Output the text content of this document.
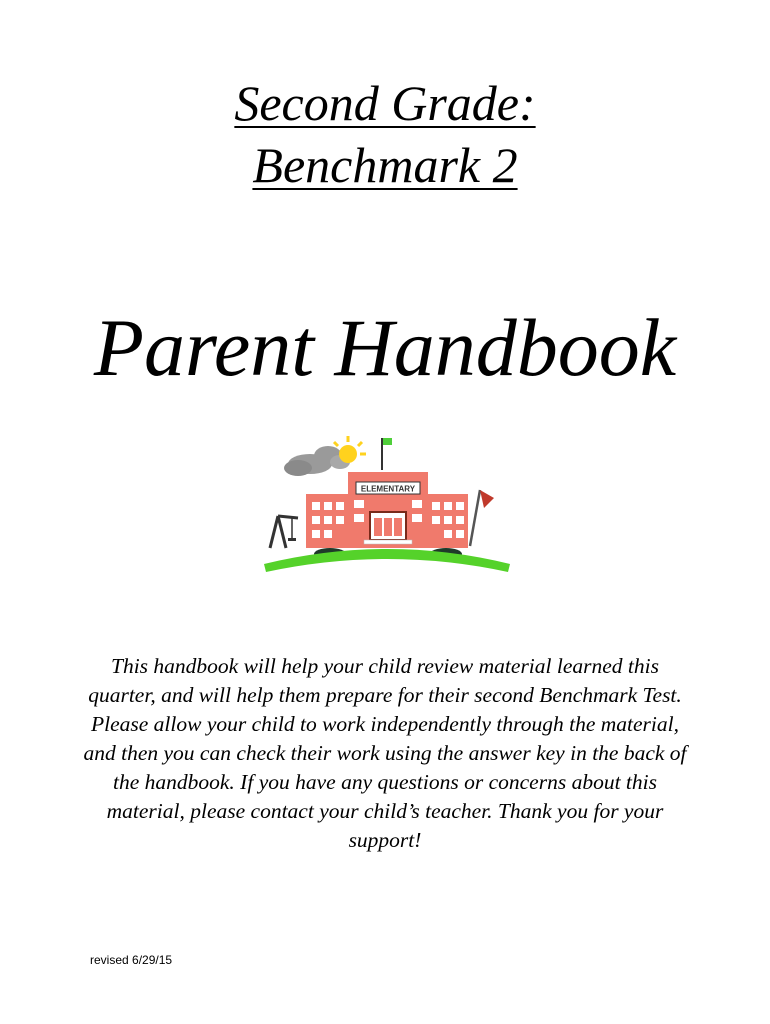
Second Grade:
Benchmark 2
Parent Handbook
ELEMENTARY
This handbook will help your child review material learned this quarter, and will help them prepare for their second Benchmark Test. Please allow your child to work independently through the material, and then you can check their work using the answer key in the back of the handbook. If you have any questions or concerns about this material, please contact your child’s teacher. Thank you for your support!
revised 6/29/15
